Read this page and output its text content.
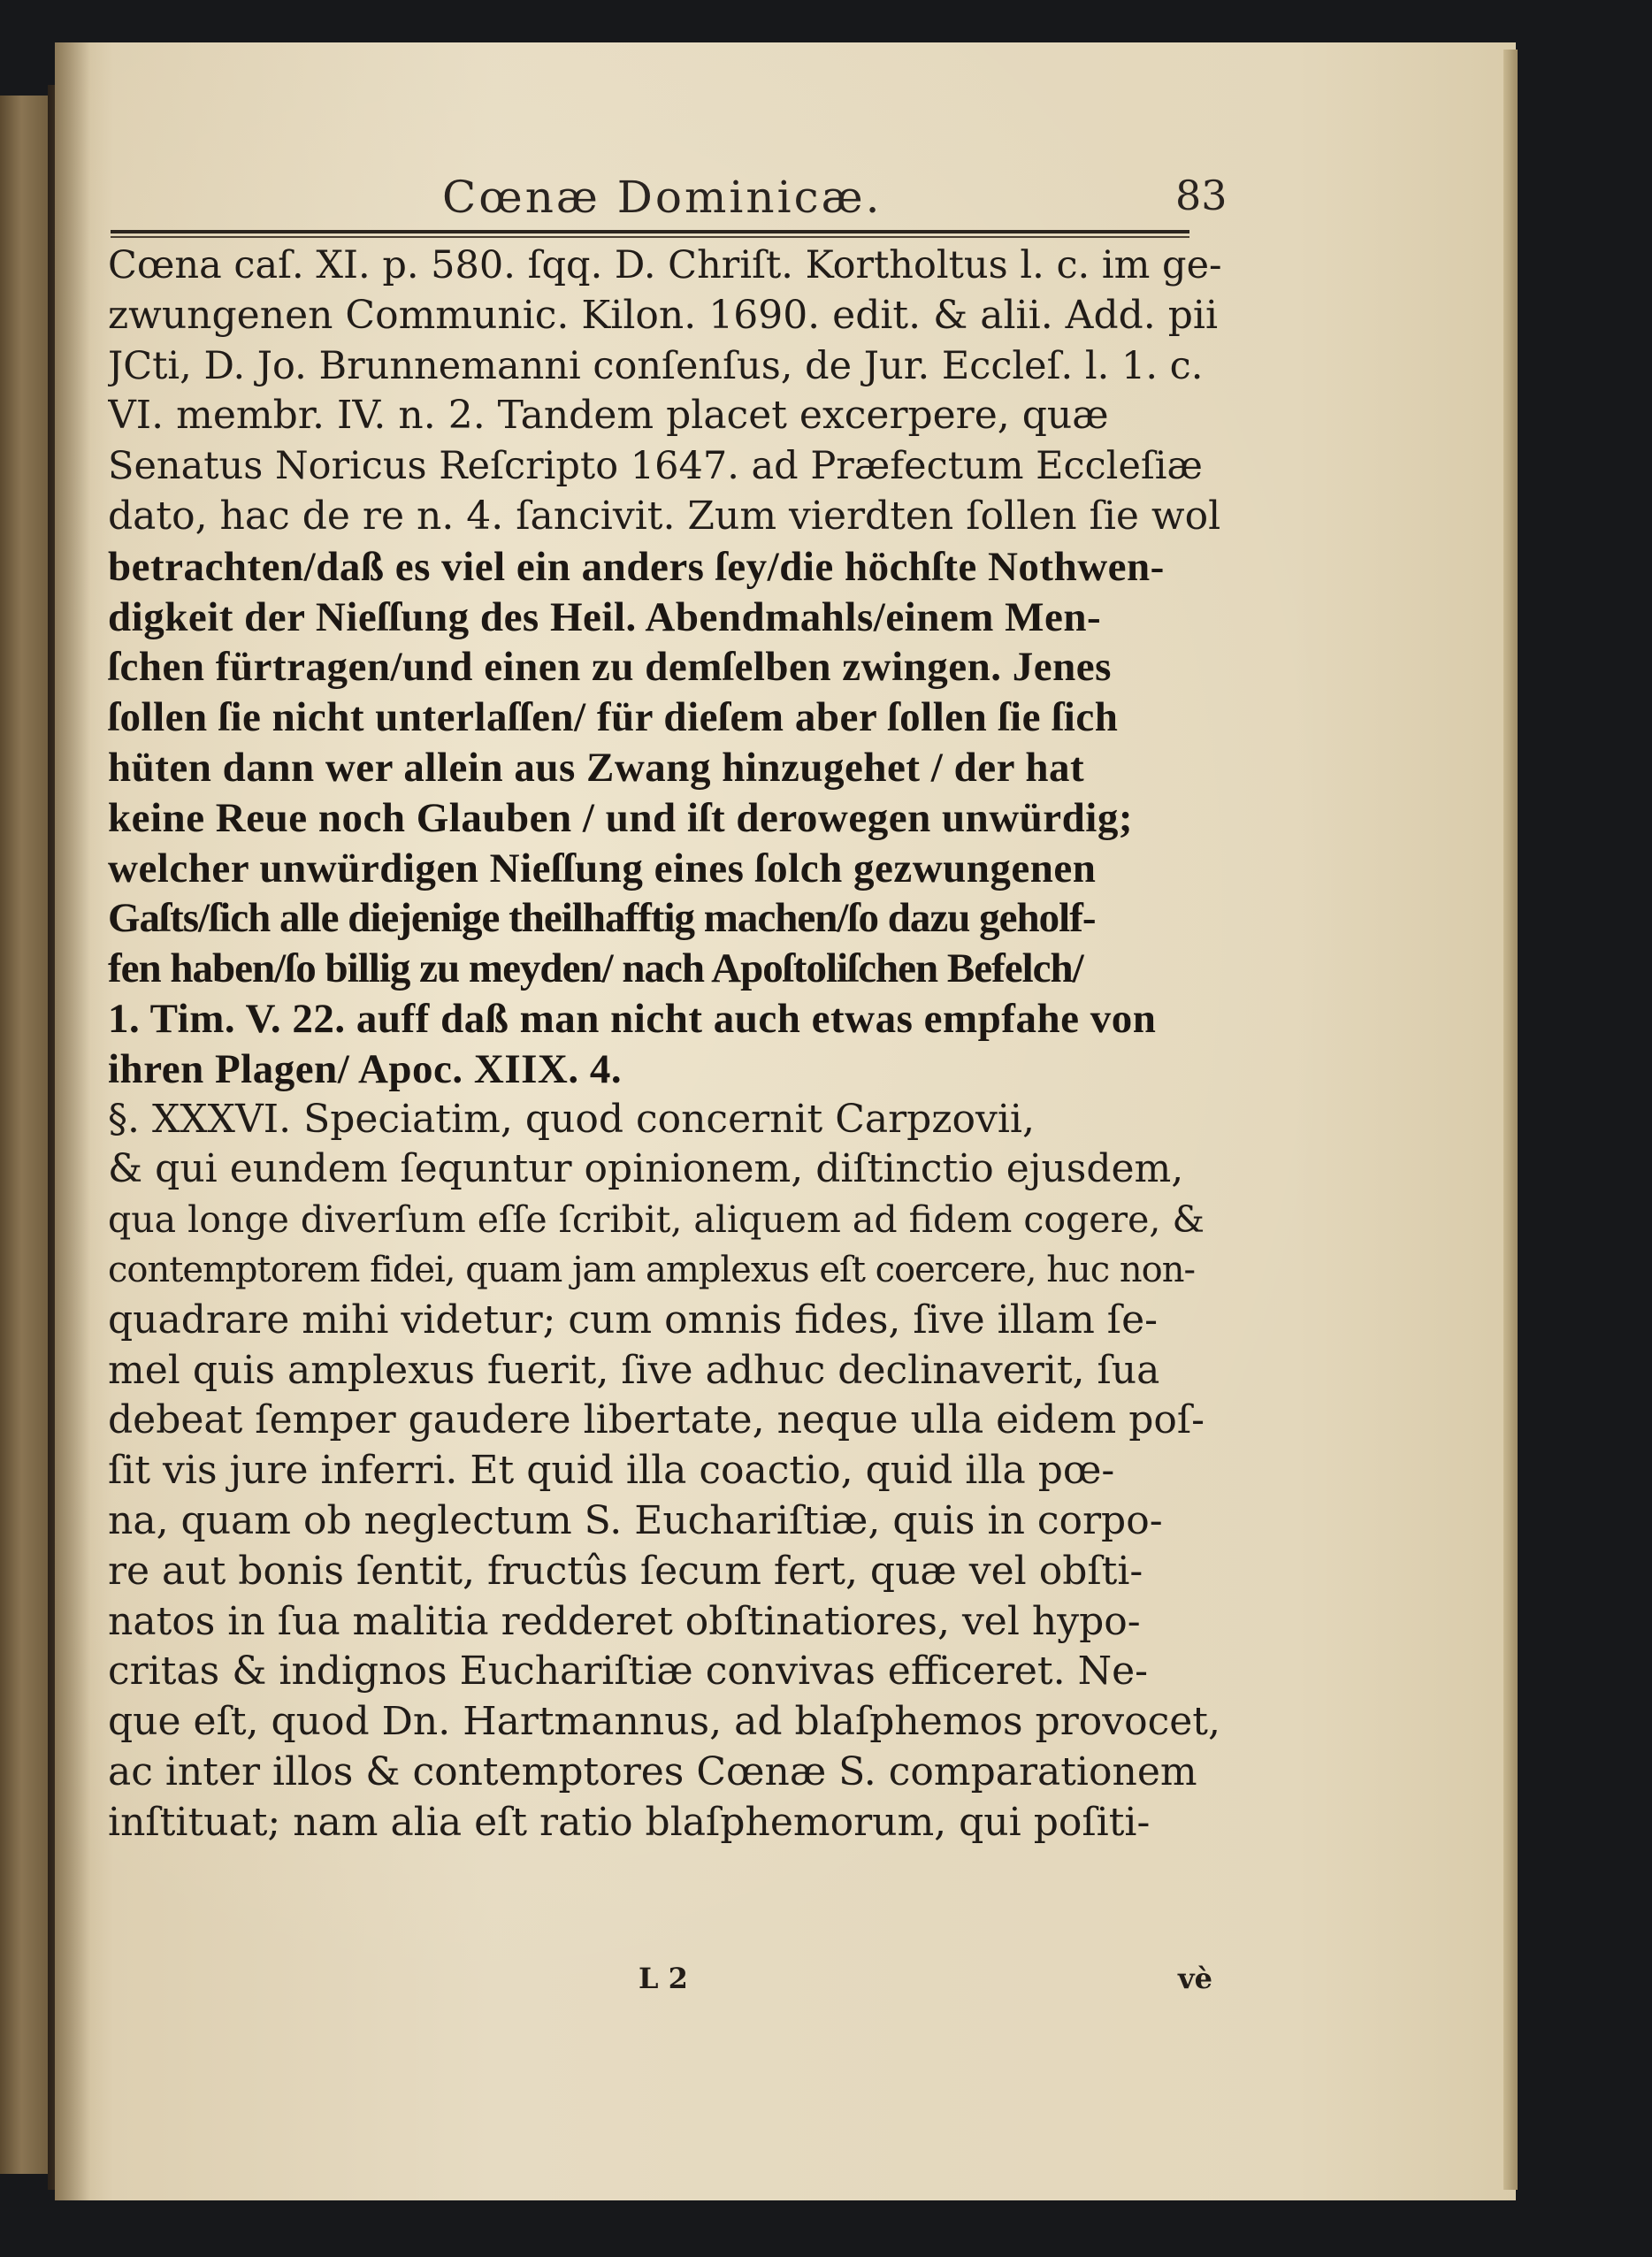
Cœnæ Dominicæ.	83
Cœna caſ. XI. p. 580. ſqq. D. Chriſt. Kortholtus l. c. im ge-
zwungenen Communic. Kilon. 1690. edit. & alii. Add. pii
JCti, D. Jo. Brunnemanni conſenſus, de Jur. Eccleſ. l. 1. c.
VI. membr. IV. n. 2. Tandem placet excerpere, quæ
Senatus Noricus Reſcripto 1647. ad Præfectum Eccleſiæ
dato, hac de re n. 4. ſancivit. Zum vierdten ſollen ſie wol
betrachten/daß es viel ein anders ſey/die höchſte Nothwen-
digkeit der Nieſſung des Heil. Abendmahls/einem Men-
ſchen fürtragen/und einen zu demſelben zwingen. Jenes
ſollen ſie nicht unterlaſſen/ für dieſem aber ſollen ſie ſich
hüten dann wer allein aus Zwang hinzugehet / der hat
keine Reue noch Glauben / und iſt derowegen unwürdig;
welcher unwürdigen Nieſſung eines ſolch gezwungenen
Gaſts/ſich alle diejenige theilhafftig machen/ſo dazu geholf-
fen haben/ſo billig zu meyden/ nach Apoſtoliſchen Befelch/
1. Tim. V. 22. auff daß man nicht auch etwas empfahe von
ihren Plagen/ Apoc. XIIX. 4.
§. XXXVI. Speciatim, quod concernit Carpzovii,
& qui eundem ſequntur opinionem, diſtinctio ejusdem,
qua longe diverſum eſſe ſcribit, aliquem ad fidem cogere, &
contemptorem fidei, quam jam amplexus eſt coercere, huc non-
quadrare mihi videtur; cum omnis fides, ſive illam ſe-
mel quis amplexus fuerit, ſive adhuc declinaverit, ſua
debeat ſemper gaudere libertate, neque ulla eidem poſ-
ſit vis jure inferri. Et quid illa coactio, quid illa pœ-
na, quam ob neglectum S. Euchariſtiæ, quis in corpo-
re aut bonis ſentit, fructûs ſecum fert, quæ vel obſti-
natos in ſua malitia redderet obſtinatiores, vel hypo-
critas & indignos Euchariſtiæ convivas efficeret. Ne-
que eſt, quod Dn. Hartmannus, ad blaſphemos provocet,
ac inter illos & contemptores Cœnæ S. comparationem
inſtituat; nam alia eſt ratio blaſphemorum, qui poſiti-
L 2	vè
